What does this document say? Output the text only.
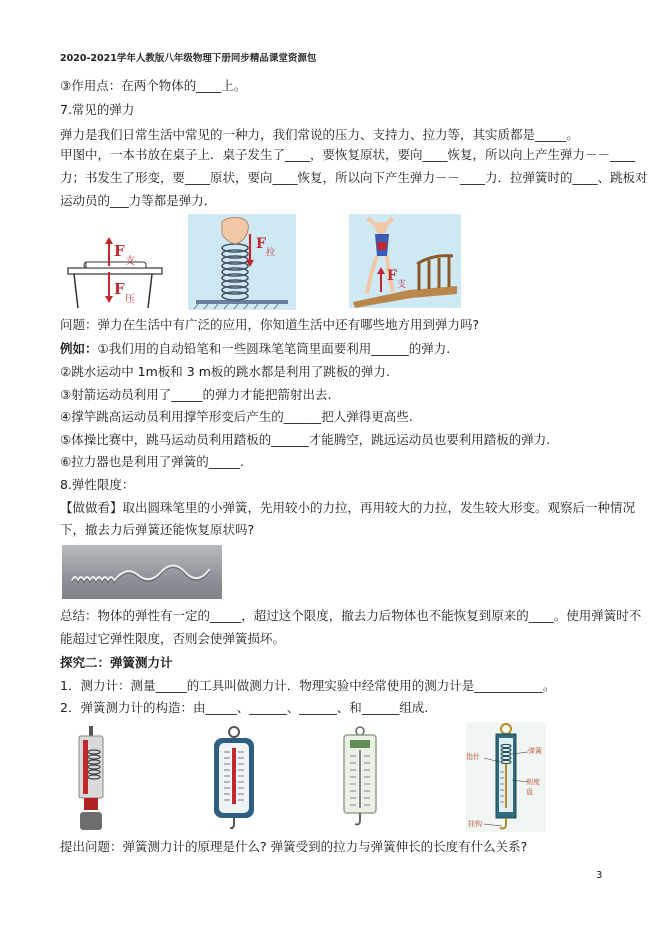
2020-2021学年人教版八年级物理下册同步精品课堂资源包
③作用点：在两个物体的____上。
7.常见的弹力
弹力是我们日常生活中常见的一种力，我们常说的压力、支持力、拉力等，其实质都是_____。
甲图中，一本书放在桌子上．桌子发生了____，要恢复原状，要向____恢复，所以向上产生弹力－－____
力；书发生了形变，要____原状，要向____恢复，所以向下产生弹力－－____力．拉弹簧时的____、跳板对
运动员的___力等都是弹力．
F
支
F
压
F
拉
F
支
问题：弹力在生活中有广泛的应用，你知道生活中还有哪些地方用到弹力吗?
例如：①我们用的自动铅笔和一些圆珠笔笔筒里面要利用______的弹力.
②跳水运动中 1m板和 3 m板的跳水都是利用了跳板的弹力.
③射箭运动员利用了_____的弹力才能把箭射出去.
④撑竿跳高运动员利用撑竿形变后产生的______把人弹得更高些.
⑤体操比赛中，跳马运动员利用踏板的______才能腾空，跳远运动员也要利用踏板的弹力.
⑥拉力器也是利用了弹簧的_____.
8.弹性限度：
【做做看】取出圆珠笔里的小弹簧，先用较小的力拉，再用较大的力拉，发生较大形变。观察后一种情况
下，撤去力后弹簧还能恢复原状吗?
总结：物体的弹性有一定的_____，超过这个限度，撤去力后物体也不能恢复到原来的____。使用弹簧时不
能超过它弹性限度，否则会使弹簧损坏。
探究二：弹簧测力计
1．测力计：测量_____的工具叫做测力计．物理实验中经常使用的测力计是___________。
2．弹簧测力计的构造：由_____、______、______、和______组成.
指针
弹簧
刻度盘
挂钩
提出问题：弹簧测力计的原理是什么? 弹簧受到的拉力与弹簧伸长的长度有什么关系?
3
